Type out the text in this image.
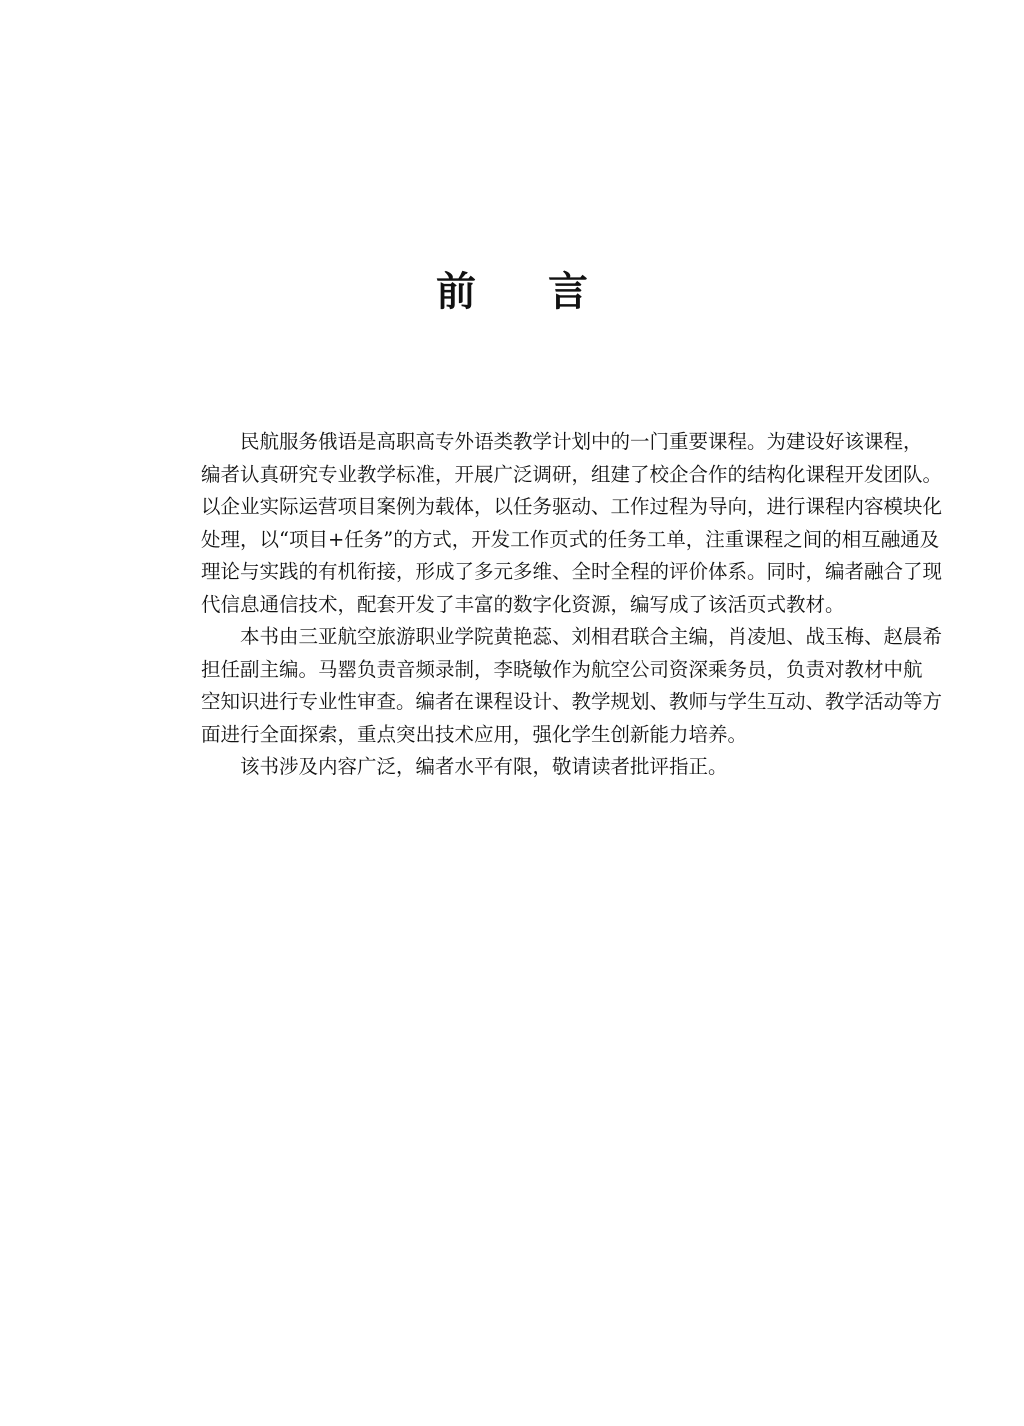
前 言
民航服务俄语是高职高专外语类教学计划中的一门重要课程。为建设好该课程，
编者认真研究专业教学标准，开展广泛调研，组建了校企合作的结构化课程开发团队。
以企业实际运营项目案例为载体，以任务驱动、工作过程为导向，进行课程内容模块化
处理，以“项目+任务”的方式，开发工作页式的任务工单，注重课程之间的相互融通及
理论与实践的有机衔接，形成了多元多维、全时全程的评价体系。同时，编者融合了现
代信息通信技术，配套开发了丰富的数字化资源，编写成了该活页式教材。
本书由三亚航空旅游职业学院黄艳蕊、刘相君联合主编，肖凌旭、战玉梅、赵晨希
担任副主编。马罂负责音频录制，李晓敏作为航空公司资深乘务员，负责对教材中航
空知识进行专业性审查。编者在课程设计、教学规划、教师与学生互动、教学活动等方
面进行全面探索，重点突出技术应用，强化学生创新能力培养。
该书涉及内容广泛，编者水平有限，敬请读者批评指正。
